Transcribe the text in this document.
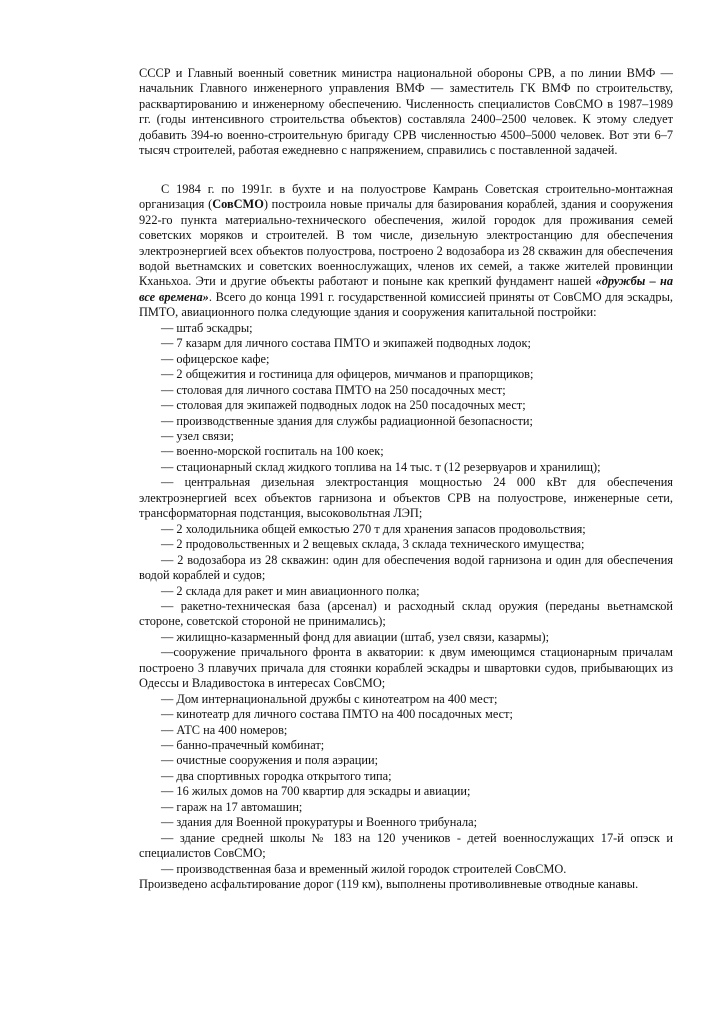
СССР и Главный военный советник министра национальной обороны СРВ, а по линии ВМФ — начальник Главного инженерного управления ВМФ — заместитель ГК ВМФ по строительству, расквартированию и инженерному обеспечению. Численность специалистов СовСМО в 1987–1989 гг. (годы интенсивного строительства объектов) составляла 2400–2500 человек. К этому следует добавить 394-ю военно-строительную бригаду СРВ численностью 4500–5000 человек. Вот эти 6–7 тысяч строителей, работая ежедневно с напряжением, справились с поставленной задачей.

С 1984 г. по 1991г. в бухте и на полуострове Камрань Советская строительно-монтажная организация (СовСМО) построила новые причалы для базирования кораблей, здания и сооружения 922-го пункта материально-технического обеспечения, жилой городок для проживания семей советских моряков и строителей. В том числе, дизельную электростанцию для обеспечения электроэнергией всех объектов полуострова, построено 2 водозабора из 28 скважин для обеспечения водой вьетнамских и советских военнослужащих, членов их семей, а также жителей провинции Кханьхоа. Эти и другие объекты работают и поныне как крепкий фундамент нашей «дружбы – на все времена». Всего до конца 1991 г. государственной комиссией приняты от СовСМО для эскадры, ПМТО, авиационного полка следующие здания и сооружения капитальной постройки:

— штаб эскадры;
— 7 казарм для личного состава ПМТО и экипажей подводных лодок;
— офицерское кафе;
— 2 общежития и гостиница для офицеров, мичманов и прапорщиков;
— столовая для личного состава ПМТО на 250 посадочных мест;
— столовая для экипажей подводных лодок на 250 посадочных мест;
— производственные здания для службы радиационной безопасности;
— узел связи;
— военно-морской госпиталь на 100 коек;
— стационарный склад жидкого топлива на 14 тыс. т (12 резервуаров и хранилищ);
— центральная дизельная электростанция мощностью 24 000 кВт для обеспечения электроэнергией всех объектов гарнизона и объектов СРВ на полуострове, инженерные сети, трансформаторная подстанция, высоковольтная ЛЭП;
— 2 холодильника общей емкостью 270 т для хранения запасов продовольствия;
— 2 продовольственных и 2 вещевых склада, 3 склада технического имущества;
— 2 водозабора из 28 скважин: один для обеспечения водой гарнизона и один для обеспечения водой кораблей и судов;
— 2 склада для ракет и мин авиационного полка;
— ракетно-техническая база (арсенал) и расходный склад оружия (переданы вьетнамской стороне, советской стороной не принимались);
— жилищно-казарменный фонд для авиации (штаб, узел связи, казармы);
—сооружение причального фронта в акватории: к двум имеющимся стационарным причалам построено 3 плавучих причала для стоянки кораблей эскадры и швартовки судов, прибывающих из Одессы и Владивостока в интересах СовСМО;
— Дом интернациональной дружбы с кинотеатром на 400 мест;
— кинотеатр для личного состава ПМТО на 400 посадочных мест;
— АТС на 400 номеров;
— банно-прачечный комбинат;
— очистные сооружения и поля аэрации;
— два спортивных городка открытого типа;
— 16 жилых домов на 700 квартир для эскадры и авиации;
— гараж на 17 автомашин;
— здания для Военной прокуратуры и Военного трибунала;
— здание средней школы № 183 на 120 учеников - детей военнослужащих 17-й опэск и специалистов СовСМО;
— производственная база и временный жилой городок строителей СовСМО.

Произведено асфальтирование дорог (119 км), выполнены противоливневые отводные канавы.
